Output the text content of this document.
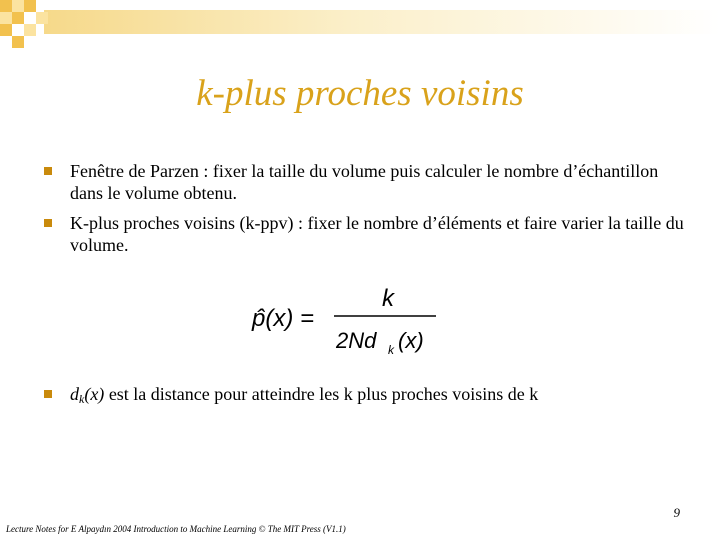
k-plus proches voisins
Fenêtre de Parzen : fixer la taille du volume puis calculer le nombre d’échantillon dans le volume obtenu.
K-plus proches voisins (k-ppv) : fixer le nombre d’éléments et faire varier la taille du volume.
p̂(x) =
k
2Nd k (x)
$d_k(x)$ est la distance pour atteindre les k plus proches voisins de k
9
Lecture Notes for E Alpaydın 2004 Introduction to Machine Learning © The MIT Press (V1.1)
